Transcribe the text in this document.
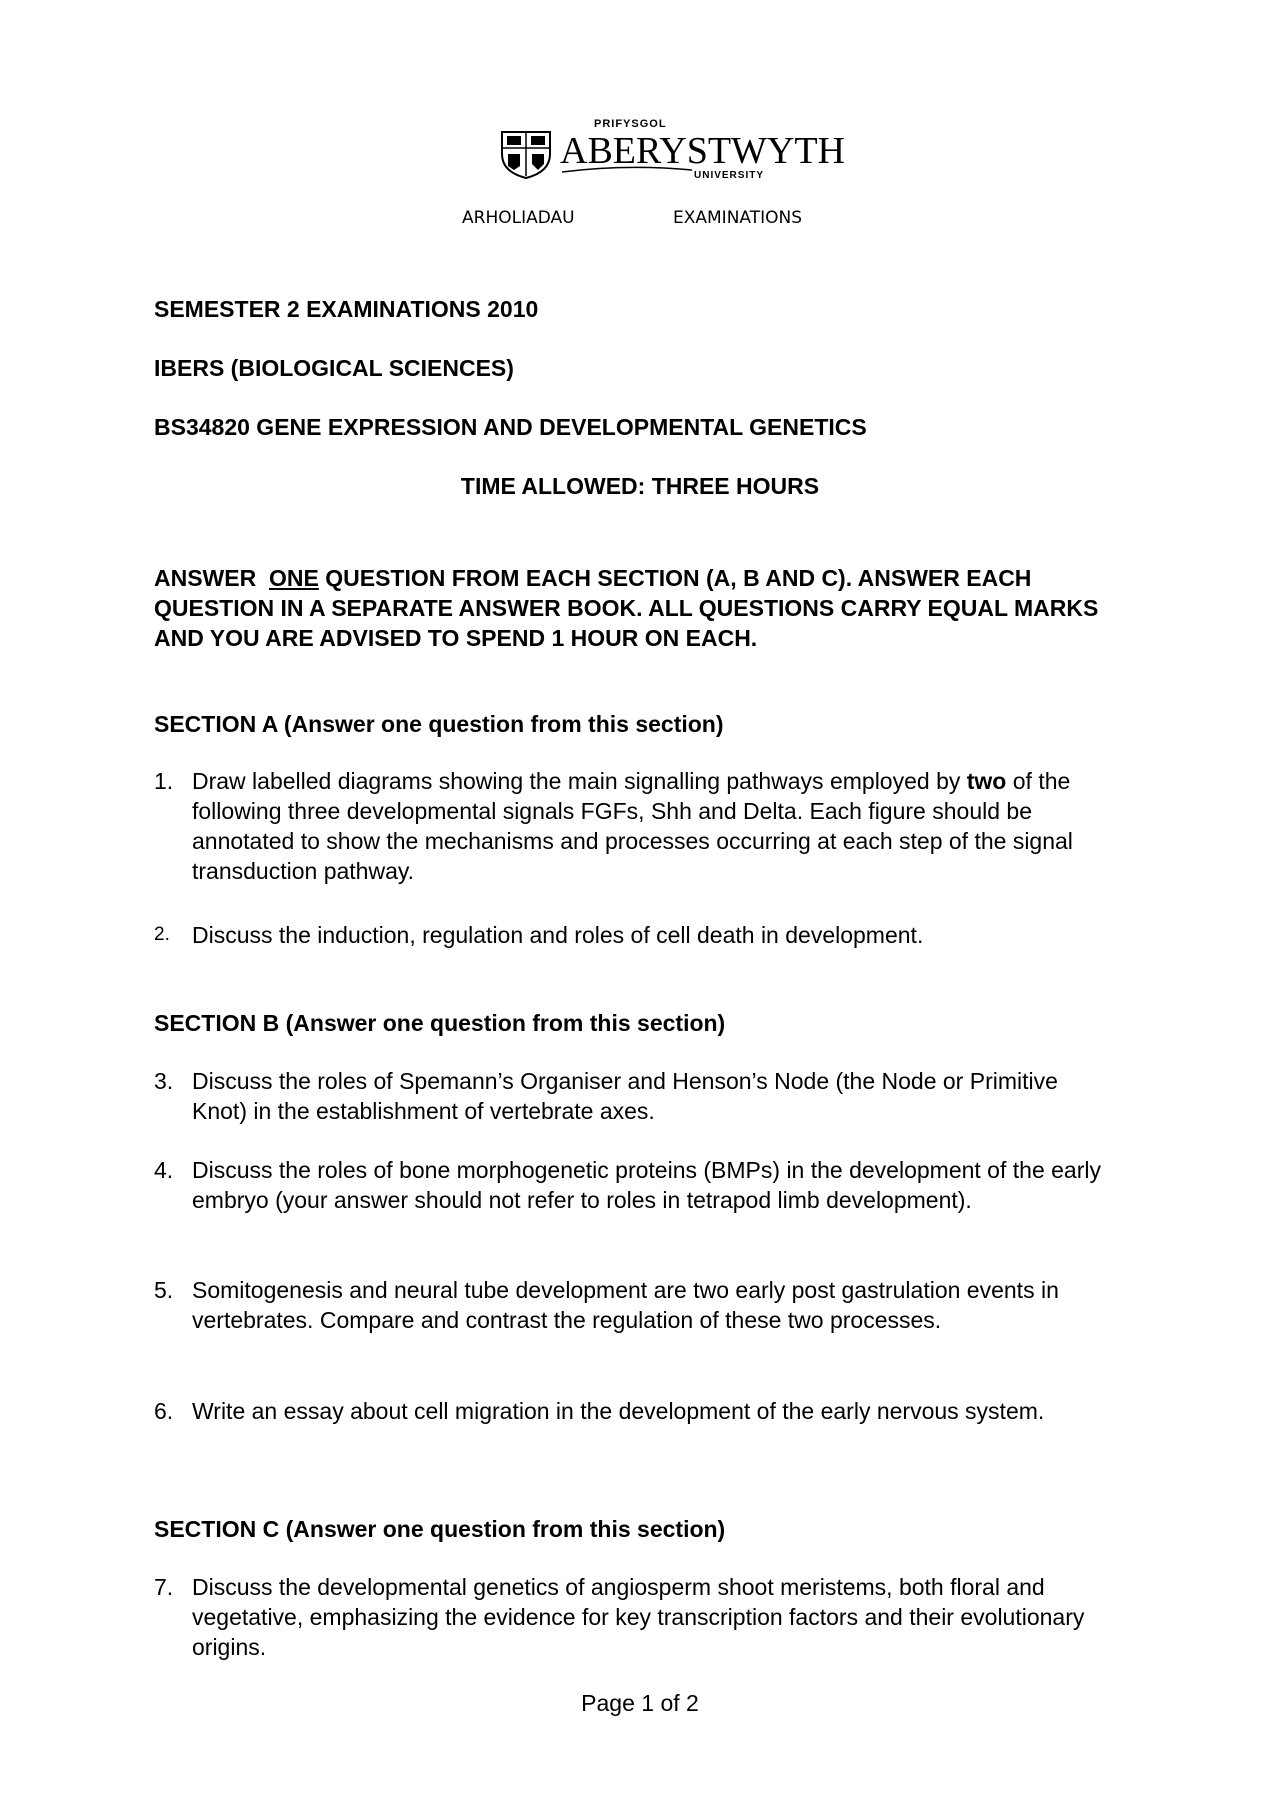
PRIFYSGOL
ABERYSTWYTH
UNIVERSITY
ARHOLIADAU	EXAMINATIONS
SEMESTER 2 EXAMINATIONS 2010
IBERS (BIOLOGICAL SCIENCES)
BS34820 GENE EXPRESSION AND DEVELOPMENTAL GENETICS
TIME ALLOWED: THREE HOURS
ANSWER  ONE QUESTION FROM EACH SECTION (A, B AND C). ANSWER EACH QUESTION IN A SEPARATE ANSWER BOOK. ALL QUESTIONS CARRY EQUAL MARKS AND YOU ARE ADVISED TO SPEND 1 HOUR ON EACH.
SECTION A (Answer one question from this section)
1. Draw labelled diagrams showing the main signalling pathways employed by two of the following three developmental signals FGFs, Shh and Delta. Each figure should be annotated to show the mechanisms and processes occurring at each step of the signal transduction pathway.
2. Discuss the induction, regulation and roles of cell death in development.
SECTION B (Answer one question from this section)
3. Discuss the roles of Spemann’s Organiser and Henson’s Node (the Node or Primitive Knot) in the establishment of vertebrate axes.
4. Discuss the roles of bone morphogenetic proteins (BMPs) in the development of the early embryo (your answer should not refer to roles in tetrapod limb development).
5. Somitogenesis and neural tube development are two early post gastrulation events in vertebrates. Compare and contrast the regulation of these two processes.
6. Write an essay about cell migration in the development of the early nervous system.
SECTION C (Answer one question from this section)
7. Discuss the developmental genetics of angiosperm shoot meristems, both floral and vegetative, emphasizing the evidence for key transcription factors and their evolutionary origins.
Page 1 of 2
